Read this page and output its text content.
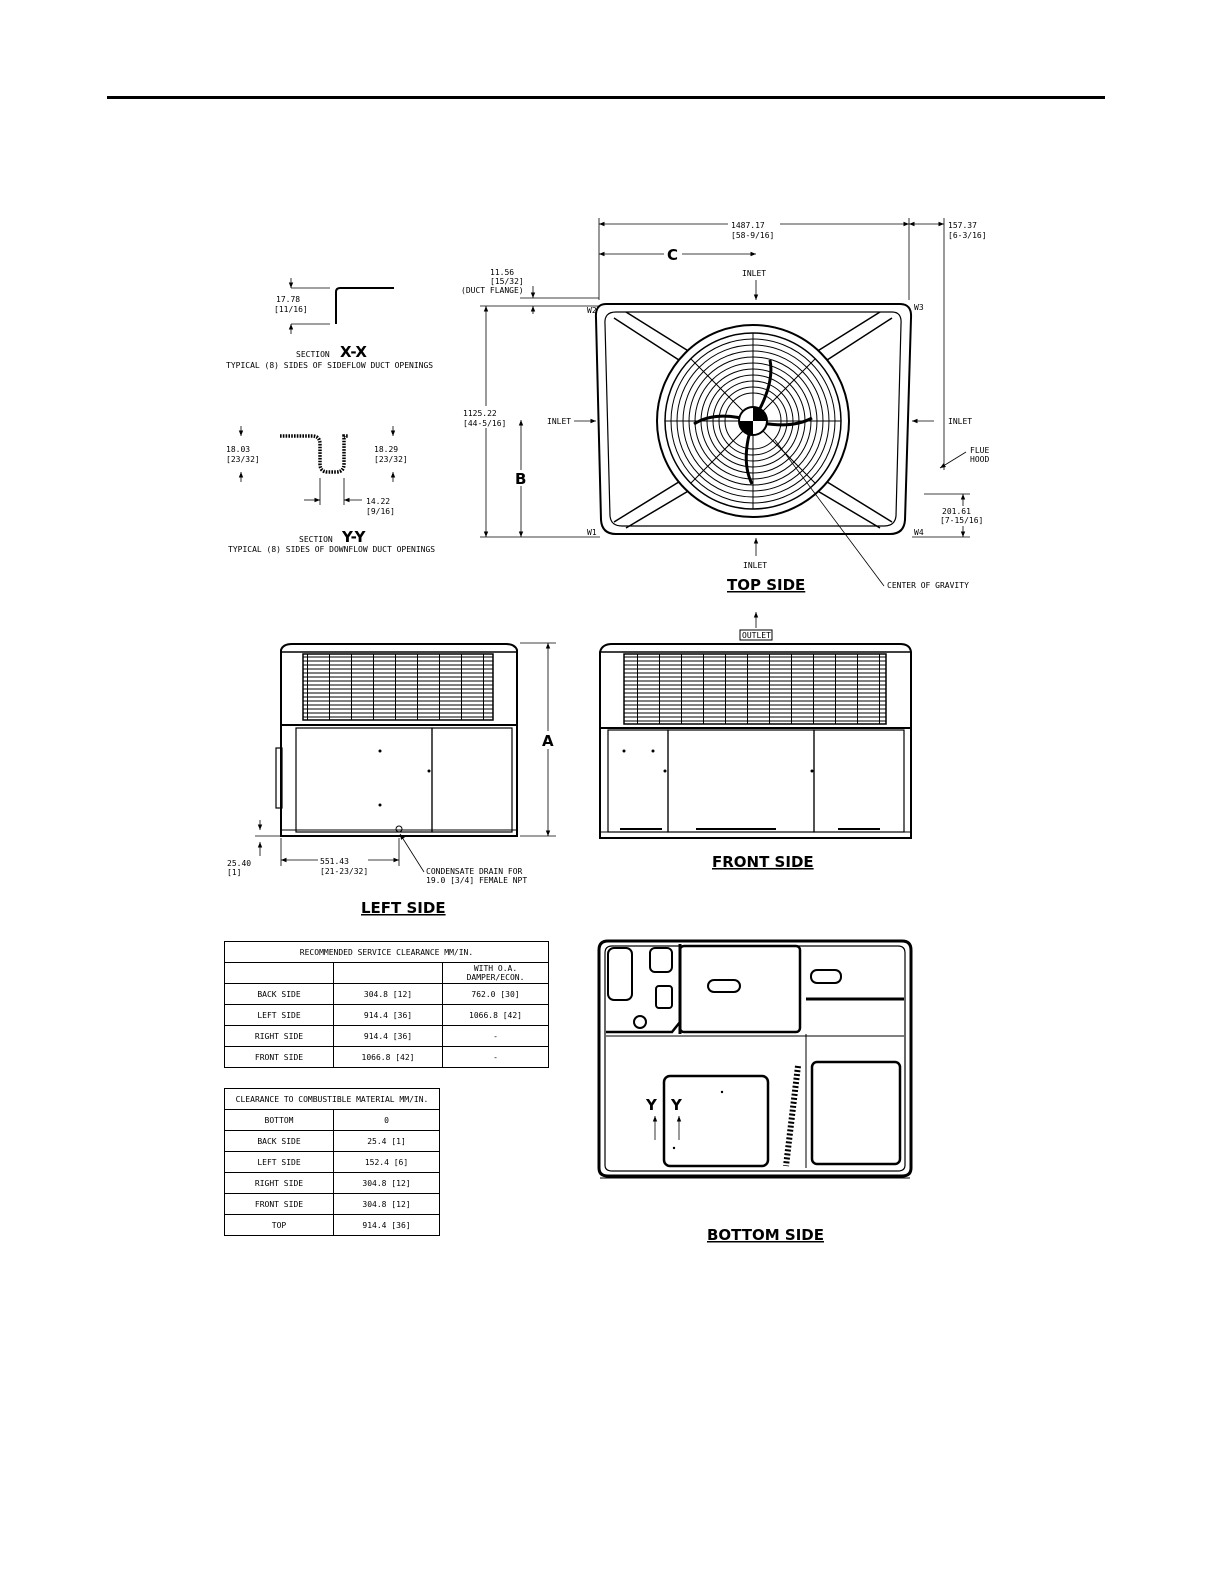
17.78
[11/16]
SECTION X-X
TYPICAL (8) SIDES OF SIDEFLOW DUCT OPENINGS
18.03
[23/32]
18.29
[23/32]
14.22
[9/16]
SECTION Y-Y
TYPICAL (8) SIDES OF DOWNFLOW DUCT OPENINGS
1487.17
[58-9/16]
157.37
[6-3/16]
C
11.56
[15/32]
(DUCT FLANGE)
1125.22
[44-5/16]
B
INLET
INLET	INLET
INLET
FLUE
HOOD
201.61
[7-15/16]
W2	W3
W1	W4
CENTER OF GRAVITY
TOP SIDE
A
25.40
[1]
551.43
[21-23/32]	CONDENSATE DRAIN FOR
19.0 [3/4] FEMALE NPT
LEFT SIDE
OUTLET
FRONT SIDE
Y Y
BOTTOM SIDE
RECOMMENDED SERVICE CLEARANCE MM/IN.		
		WITH O.A. DAMPER/ECON.
BACK SIDE	304.8 [12]	762.0 [30]
LEFT SIDE	914.4 [36]	1066.8 [42]
RIGHT SIDE	914.4 [36]	-
FRONT SIDE	1066.8 [42]	-
CLEARANCE TO COMBUSTIBLE MATERIAL MM/IN.	
BOTTOM	0
BACK SIDE	25.4 [1]
LEFT SIDE	152.4 [6]
RIGHT SIDE	304.8 [12]
FRONT SIDE	304.8 [12]
TOP	914.4 [36]
